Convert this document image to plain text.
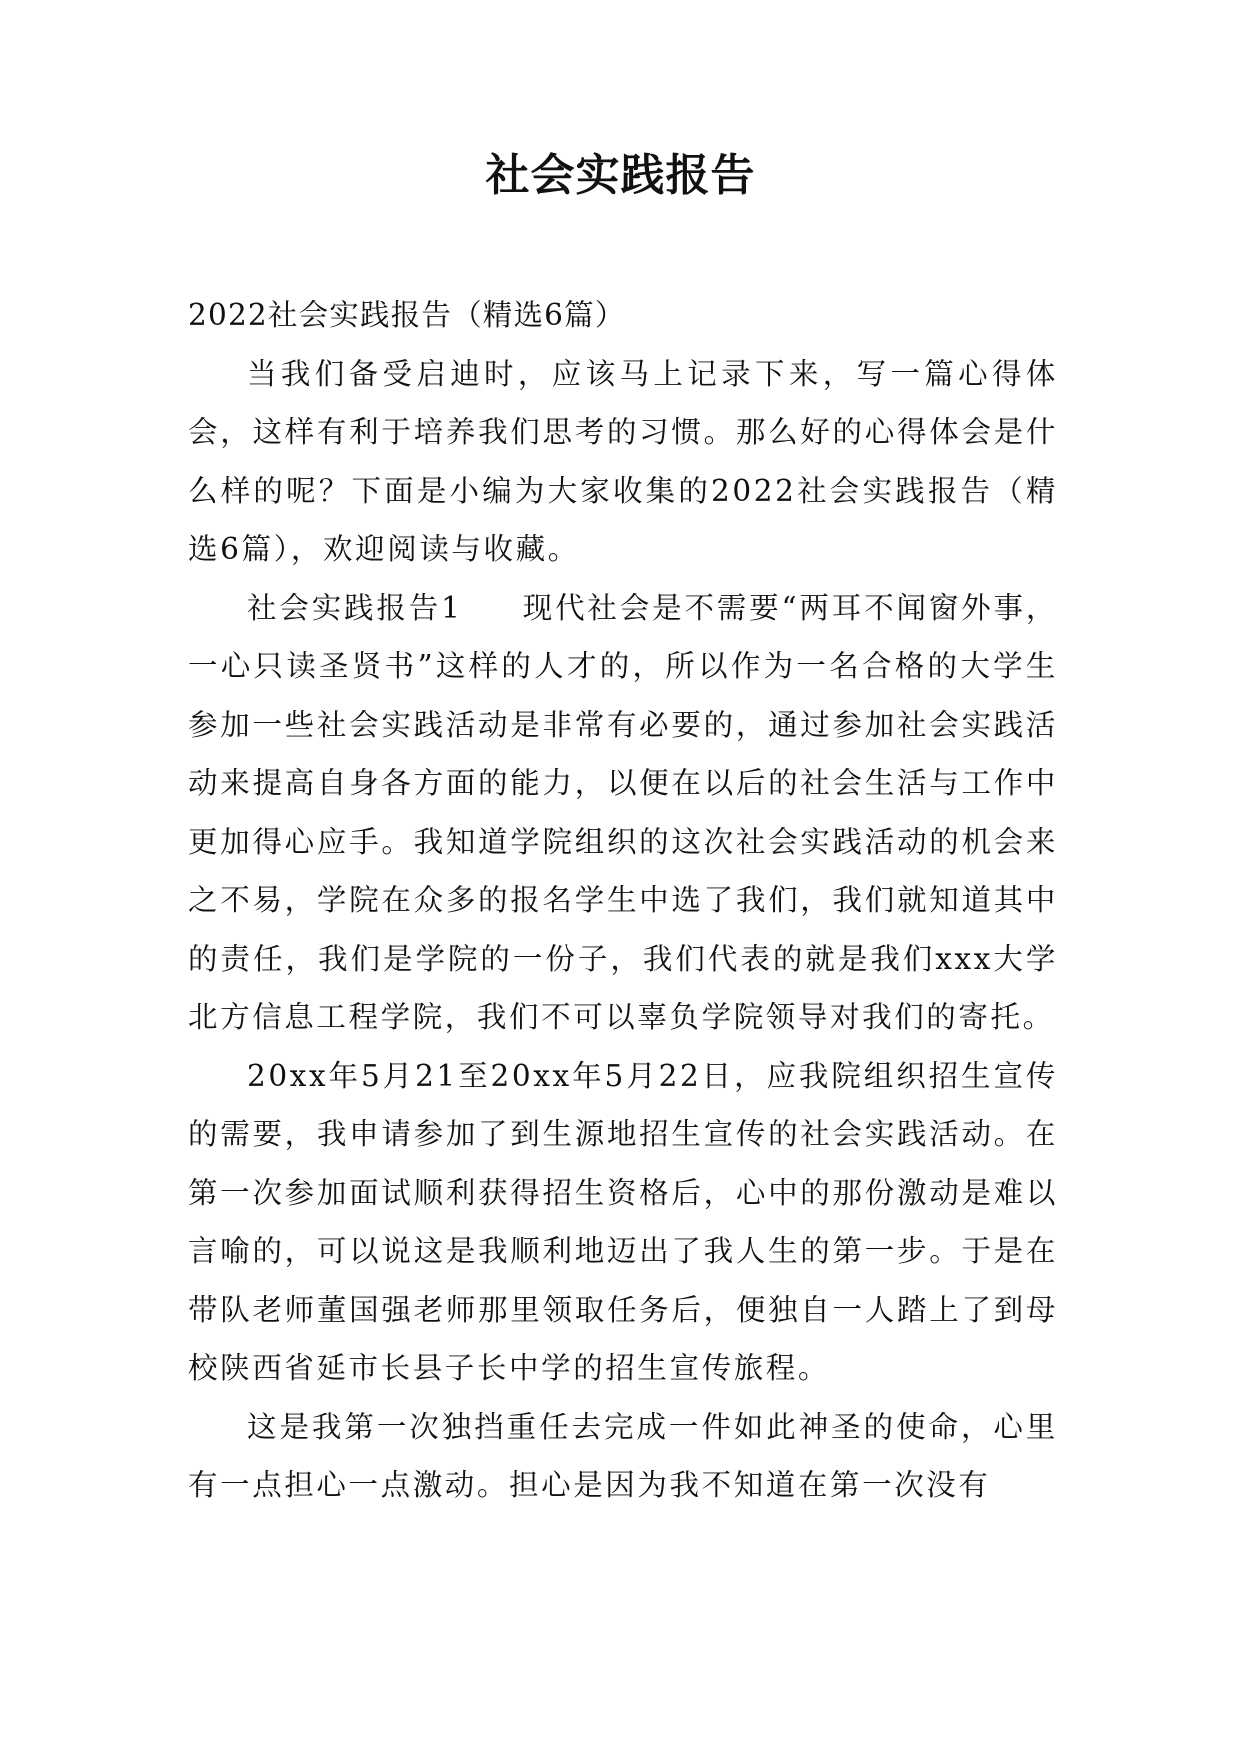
社会实践报告

2022社会实践报告（精选6篇）

当我们备受启迪时，应该马上记录下来，写一篇心得体会，这样有利于培养我们思考的习惯。那么好的心得体会是什么样的呢？下面是小编为大家收集的2022社会实践报告（精选6篇），欢迎阅读与收藏。

社会实践报告1 现代社会是不需要“两耳不闻窗外事，一心只读圣贤书”这样的人才的，所以作为一名合格的大学生参加一些社会实践活动是非常有必要的，通过参加社会实践活动来提高自身各方面的能力，以便在以后的社会生活与工作中更加得心应手。我知道学院组织的这次社会实践活动的机会来之不易，学院在众多的报名学生中选了我们，我们就知道其中的责任，我们是学院的一份子，我们代表的就是我们xxx大学北方信息工程学院，我们不可以辜负学院领导对我们的寄托。

20xx年5月21至20xx年5月22日，应我院组织招生宣传的需要，我申请参加了到生源地招生宣传的社会实践活动。在第一次参加面试顺利获得招生资格后，心中的那份激动是难以言喻的，可以说这是我顺利地迈出了我人生的第一步。于是在带队老师董国强老师那里领取任务后，便独自一人踏上了到母校陕西省延市长县子长中学的招生宣传旅程。

这是我第一次独挡重任去完成一件如此神圣的使命，心里有一点担心一点激动。担心是因为我不知道在第一次没有
